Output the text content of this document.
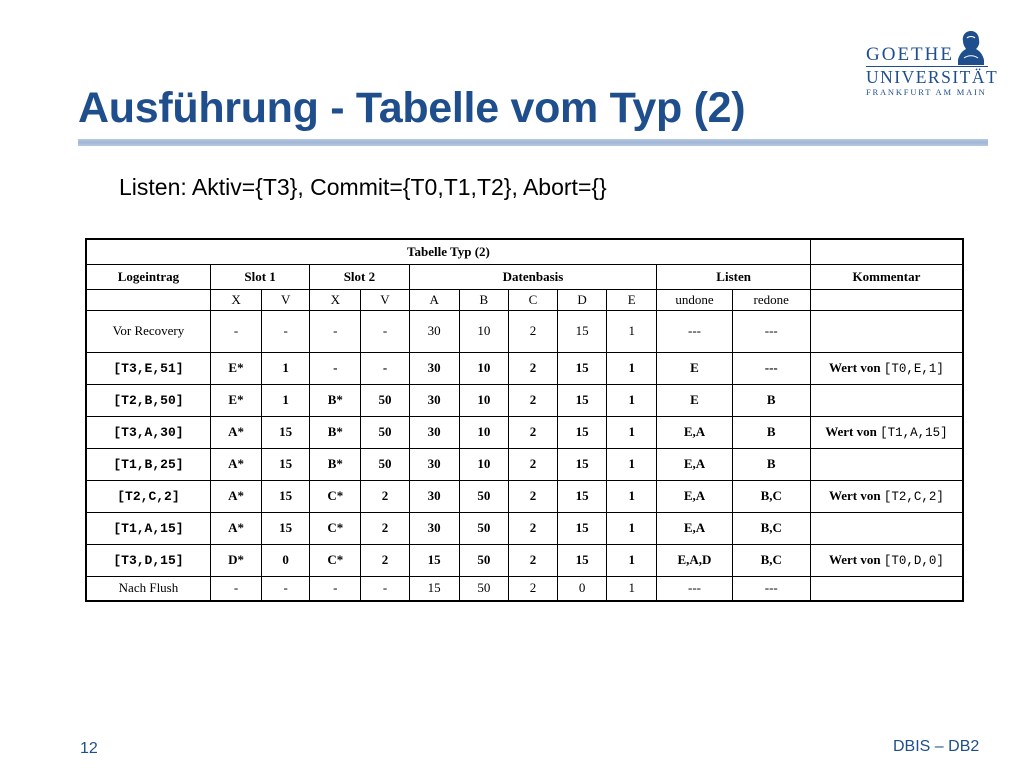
Ausführung - Tabelle vom Typ (2)
GOETHE
UNIVERSITÄT
FRANKFURT AM MAIN
Listen: Aktiv={T3}, Commit={T0,T1,T2}, Abort={}
Tabelle Typ (2)												
Logeintrag	Slot 1		Slot 2		Datenbasis					Listen		Kommentar
	X	V	X	V	A	B	C	D	E	undone	redone	
Vor Recovery	-	-	-	-	30	10	2	15	1	---	---	
[T3,E,51]	E*	1	-	-	30	10	2	15	1	E	---	Wert von [T0,E,1]
[T2,B,50]	E*	1	B*	50	30	10	2	15	1	E	B	
[T3,A,30]	A*	15	B*	50	30	10	2	15	1	E,A	B	Wert von [T1,A,15]
[T1,B,25]	A*	15	B*	50	30	10	2	15	1	E,A	B	
[T2,C,2]	A*	15	C*	2	30	50	2	15	1	E,A	B,C	Wert von [T2,C,2]
[T1,A,15]	A*	15	C*	2	30	50	2	15	1	E,A	B,C	
[T3,D,15]	D*	0	C*	2	15	50	2	15	1	E,A,D	B,C	Wert von [T0,D,0]
Nach Flush	-	-	-	-	15	50	2	0	1	---	---	
12	DBIS – DB2
